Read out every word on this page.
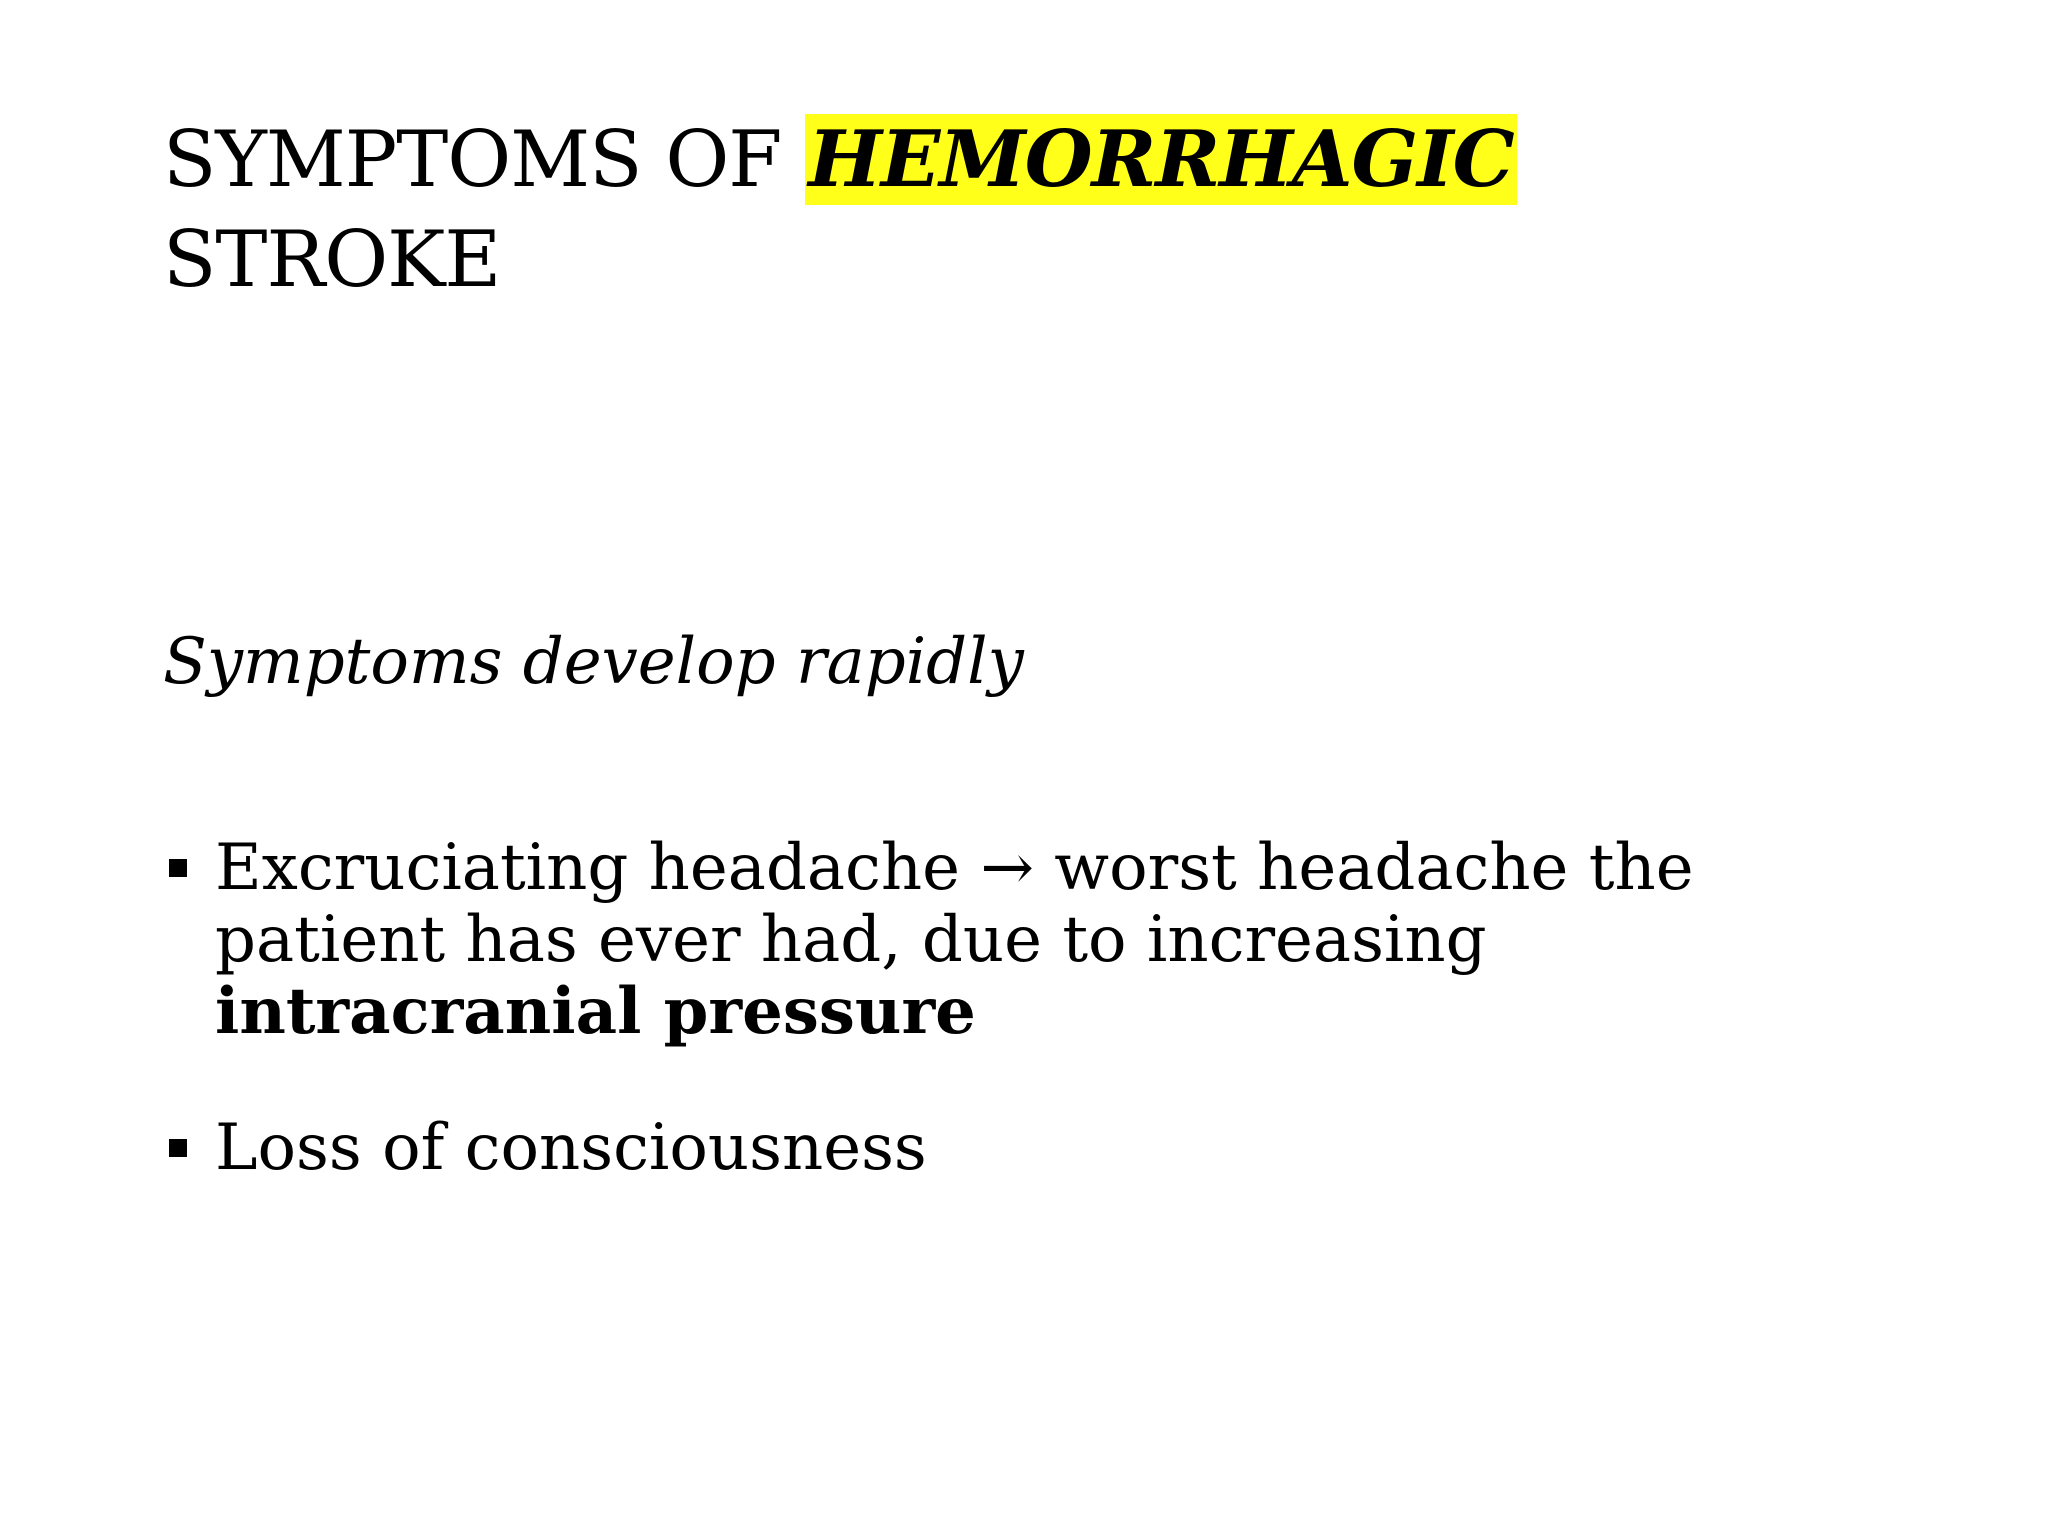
SYMPTOMS OF HEMORRHAGIC
STROKE

Symptoms develop rapidly

Excruciating headache → worst headache the patient has ever had, due to increasing intracranial pressure
Loss of consciousness
